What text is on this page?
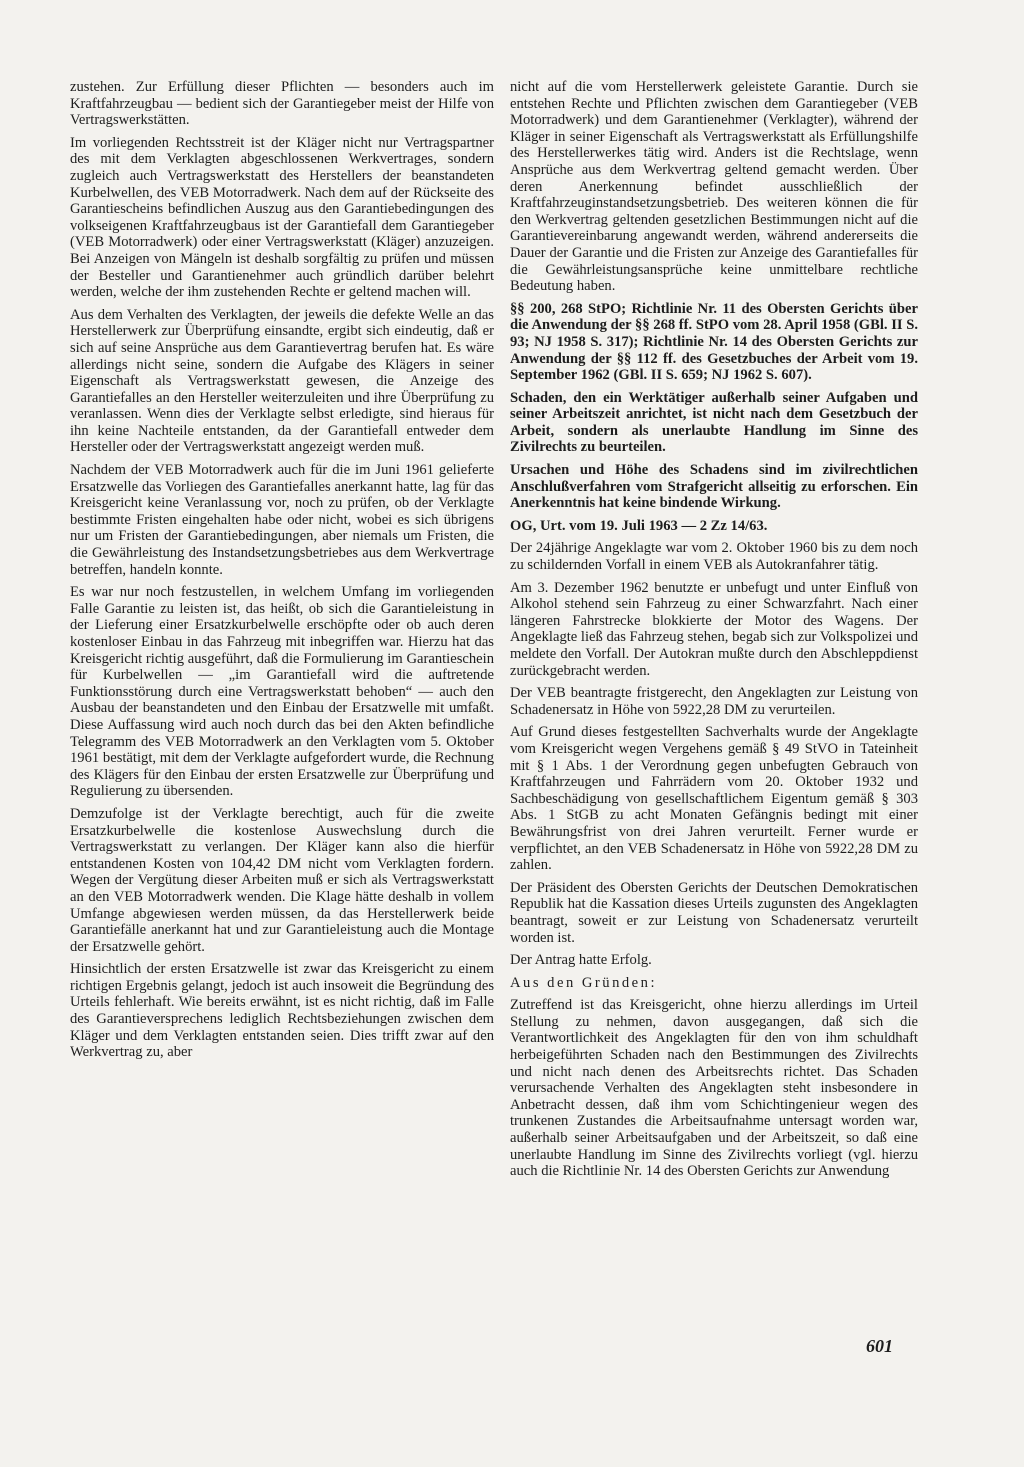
zustehen. Zur Erfüllung dieser Pflichten — besonders auch im Kraftfahrzeugbau — bedient sich der Garantiegeber meist der Hilfe von Vertragswerkstätten.

Im vorliegenden Rechtsstreit ist der Kläger nicht nur Vertragspartner des mit dem Verklagten abgeschlossenen Werkvertrages, sondern zugleich auch Vertragswerkstatt des Herstellers der beanstandeten Kurbelwellen, des VEB Motorradwerk. Nach dem auf der Rückseite des Garantiescheins befindlichen Auszug aus den Garantiebedingungen des volkseigenen Kraftfahrzeugbaus ist der Garantiefall dem Garantiegeber (VEB Motorradwerk) oder einer Vertragswerkstatt (Kläger) anzuzeigen. Bei Anzeigen von Mängeln ist deshalb sorgfältig zu prüfen und müssen der Besteller und Garantienehmer auch gründlich darüber belehrt werden, welche der ihm zustehenden Rechte er geltend machen will.

Aus dem Verhalten des Verklagten, der jeweils die defekte Welle an das Herstellerwerk zur Überprüfung einsandte, ergibt sich eindeutig, daß er sich auf seine Ansprüche aus dem Garantievertrag berufen hat. Es wäre allerdings nicht seine, sondern die Aufgabe des Klägers in seiner Eigenschaft als Vertragswerkstatt gewesen, die Anzeige des Garantiefalles an den Hersteller weiterzuleiten und ihre Überprüfung zu veranlassen. Wenn dies der Verklagte selbst erledigte, sind hieraus für ihn keine Nachteile entstanden, da der Garantiefall entweder dem Hersteller oder der Vertragswerkstatt angezeigt werden muß.

Nachdem der VEB Motorradwerk auch für die im Juni 1961 gelieferte Ersatzwelle das Vorliegen des Garantiefalles anerkannt hatte, lag für das Kreisgericht keine Veranlassung vor, noch zu prüfen, ob der Verklagte bestimmte Fristen eingehalten habe oder nicht, wobei es sich übrigens nur um Fristen der Garantiebedingungen, aber niemals um Fristen, die die Gewährleistung des Instandsetzungsbetriebes aus dem Werkvertrage betreffen, handeln konnte.

Es war nur noch festzustellen, in welchem Umfang im vorliegenden Falle Garantie zu leisten ist, das heißt, ob sich die Garantieleistung in der Lieferung einer Ersatzkurbelwelle erschöpfte oder ob auch deren kostenloser Einbau in das Fahrzeug mit inbegriffen war. Hierzu hat das Kreisgericht richtig ausgeführt, daß die Formulierung im Garantieschein für Kurbelwellen — „im Garantiefall wird die auftretende Funktionsstörung durch eine Vertragswerkstatt behoben“ — auch den Ausbau der beanstandeten und den Einbau der Ersatzwelle mit umfaßt. Diese Auffassung wird auch noch durch das bei den Akten befindliche Telegramm des VEB Motorradwerk an den Verklagten vom 5. Oktober 1961 bestätigt, mit dem der Verklagte aufgefordert wurde, die Rechnung des Klägers für den Einbau der ersten Ersatzwelle zur Überprüfung und Regulierung zu übersenden.

Demzufolge ist der Verklagte berechtigt, auch für die zweite Ersatzkurbelwelle die kostenlose Auswechslung durch die Vertragswerkstatt zu verlangen. Der Kläger kann also die hierfür entstandenen Kosten von 104,42 DM nicht vom Verklagten fordern. Wegen der Vergütung dieser Arbeiten muß er sich als Vertragswerkstatt an den VEB Motorradwerk wenden. Die Klage hätte deshalb in vollem Umfange abgewiesen werden müssen, da das Herstellerwerk beide Garantiefälle anerkannt hat und zur Garantieleistung auch die Montage der Ersatzwelle gehört.

Hinsichtlich der ersten Ersatzwelle ist zwar das Kreisgericht zu einem richtigen Ergebnis gelangt, jedoch ist auch insoweit die Begründung des Urteils fehlerhaft. Wie bereits erwähnt, ist es nicht richtig, daß im Falle des Garantieversprechens lediglich Rechtsbeziehungen zwischen dem Kläger und dem Verklagten entstanden seien. Dies trifft zwar auf den Werkvertrag zu, aber

nicht auf die vom Herstellerwerk geleistete Garantie. Durch sie entstehen Rechte und Pflichten zwischen dem Garantiegeber (VEB Motorradwerk) und dem Garantienehmer (Verklagter), während der Kläger in seiner Eigenschaft als Vertragswerkstatt als Erfüllungshilfe des Herstellerwerkes tätig wird. Anders ist die Rechtslage, wenn Ansprüche aus dem Werkvertrag geltend gemacht werden. Über deren Anerkennung befindet ausschließlich der Kraftfahrzeuginstandsetzungsbetrieb. Des weiteren können die für den Werkvertrag geltenden gesetzlichen Bestimmungen nicht auf die Garantievereinbarung angewandt werden, während andererseits die Dauer der Garantie und die Fristen zur Anzeige des Garantiefalles für die Gewährleistungsansprüche keine unmittelbare rechtliche Bedeutung haben.

§§ 200, 268 StPO; Richtlinie Nr. 11 des Obersten Gerichts über die Anwendung der §§ 268 ff. StPO vom 28. April 1958 (GBl. II S. 93; NJ 1958 S. 317); Richtlinie Nr. 14 des Obersten Gerichts zur Anwendung der §§ 112 ff. des Gesetzbuches der Arbeit vom 19. September 1962 (GBl. II S. 659; NJ 1962 S. 607).

Schaden, den ein Werktätiger außerhalb seiner Aufgaben und seiner Arbeitszeit anrichtet, ist nicht nach dem Gesetzbuch der Arbeit, sondern als unerlaubte Handlung im Sinne des Zivilrechts zu beurteilen.

Ursachen und Höhe des Schadens sind im zivilrechtlichen Anschlußverfahren vom Strafgericht allseitig zu erforschen. Ein Anerkenntnis hat keine bindende Wirkung.

OG, Urt. vom 19. Juli 1963 — 2 Zz 14/63.

Der 24jährige Angeklagte war vom 2. Oktober 1960 bis zu dem noch zu schildernden Vorfall in einem VEB als Autokranfahrer tätig.

Am 3. Dezember 1962 benutzte er unbefugt und unter Einfluß von Alkohol stehend sein Fahrzeug zu einer Schwarzfahrt. Nach einer längeren Fahrstrecke blokkierte der Motor des Wagens. Der Angeklagte ließ das Fahrzeug stehen, begab sich zur Volkspolizei und meldete den Vorfall. Der Autokran mußte durch den Abschleppdienst zurückgebracht werden.

Der VEB beantragte fristgerecht, den Angeklagten zur Leistung von Schadenersatz in Höhe von 5922,28 DM zu verurteilen.

Auf Grund dieses festgestellten Sachverhalts wurde der Angeklagte vom Kreisgericht wegen Vergehens gemäß § 49 StVO in Tateinheit mit § 1 Abs. 1 der Verordnung gegen unbefugten Gebrauch von Kraftfahrzeugen und Fahrrädern vom 20. Oktober 1932 und Sachbeschädigung von gesellschaftlichem Eigentum gemäß § 303 Abs. 1 StGB zu acht Monaten Gefängnis bedingt mit einer Bewährungsfrist von drei Jahren verurteilt. Ferner wurde er verpflichtet, an den VEB Schadenersatz in Höhe von 5922,28 DM zu zahlen.

Der Präsident des Obersten Gerichts der Deutschen Demokratischen Republik hat die Kassation dieses Urteils zugunsten des Angeklagten beantragt, soweit er zur Leistung von Schadenersatz verurteilt worden ist.

Der Antrag hatte Erfolg.

Aus den Gründen:

Zutreffend ist das Kreisgericht, ohne hierzu allerdings im Urteil Stellung zu nehmen, davon ausgegangen, daß sich die Verantwortlichkeit des Angeklagten für den von ihm schuldhaft herbeigeführten Schaden nach den Bestimmungen des Zivilrechts und nicht nach denen des Arbeitsrechts richtet. Das Schaden verursachende Verhalten des Angeklagten steht insbesondere in Anbetracht dessen, daß ihm vom Schichtingenieur wegen des trunkenen Zustandes die Arbeitsaufnahme untersagt worden war, außerhalb seiner Arbeitsaufgaben und der Arbeitszeit, so daß eine unerlaubte Handlung im Sinne des Zivilrechts vorliegt (vgl. hierzu auch die Richtlinie Nr. 14 des Obersten Gerichts zur Anwendung

601
